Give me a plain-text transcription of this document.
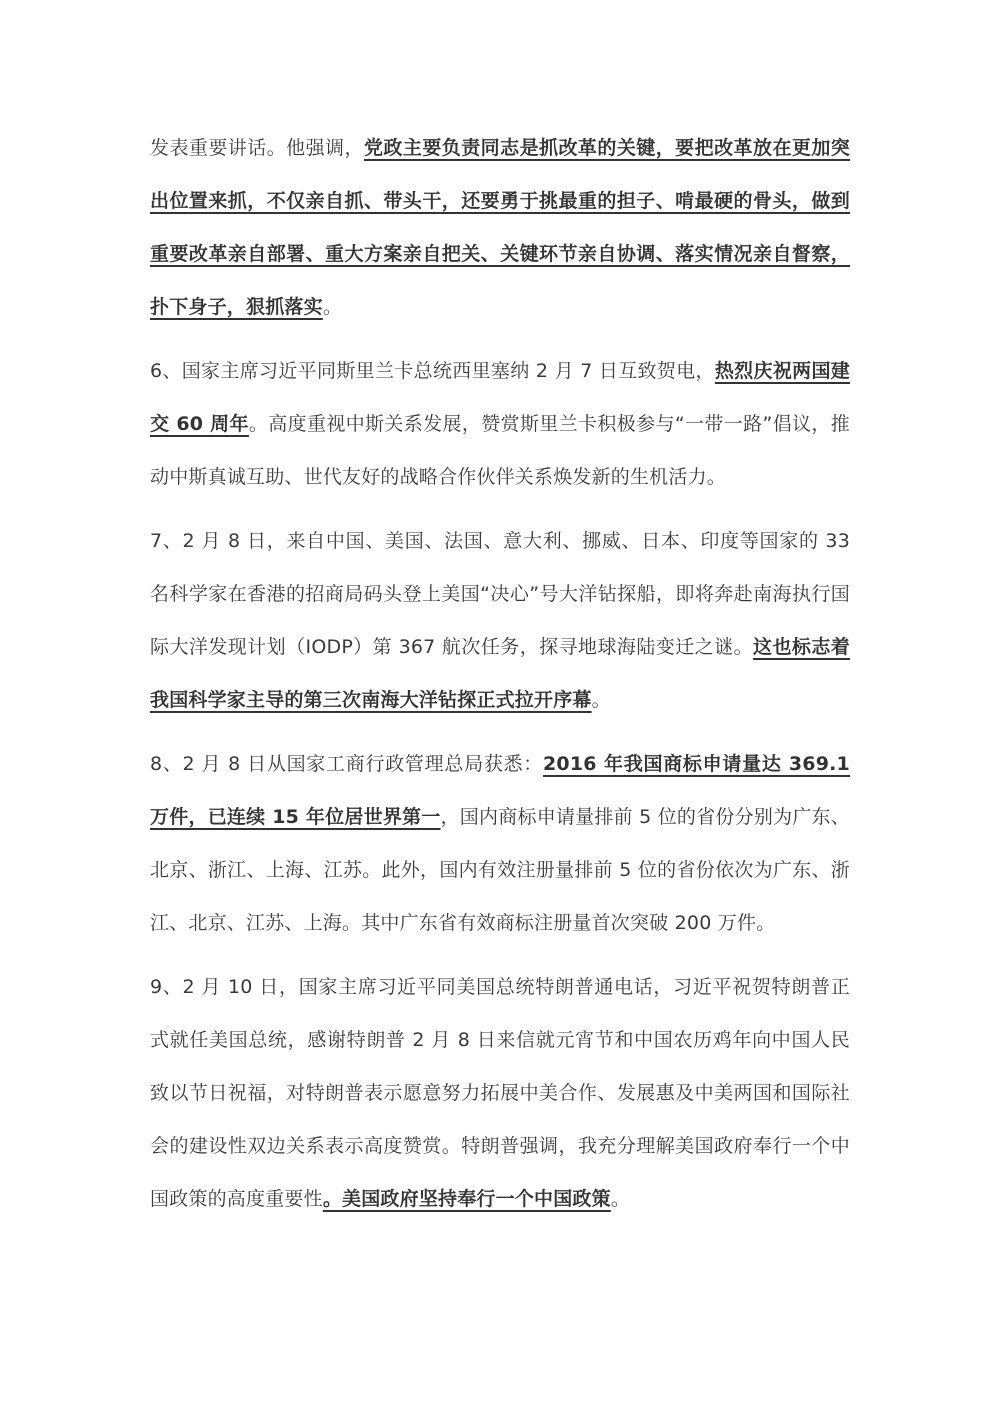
发表重要讲话。他强调，党政主要负责同志是抓改革的关键，要把改革放在更加突出位置来抓，不仅亲自抓、带头干，还要勇于挑最重的担子、啃最硬的骨头，做到重要改革亲自部署、重大方案亲自把关、关键环节亲自协调、落实情况亲自督察，扑下身子，狠抓落实。

6、国家主席习近平同斯里兰卡总统西里塞纳 2 月 7 日互致贺电，热烈庆祝两国建交 60 周年。高度重视中斯关系发展，赞赏斯里兰卡积极参与“一带一路”倡议，推动中斯真诚互助、世代友好的战略合作伙伴关系焕发新的生机活力。

7、2 月 8 日，来自中国、美国、法国、意大利、挪威、日本、印度等国家的 33 名科学家在香港的招商局码头登上美国“决心”号大洋钻探船，即将奔赴南海执行国际大洋发现计划（IODP）第 367 航次任务，探寻地球海陆变迁之谜。这也标志着我国科学家主导的第三次南海大洋钻探正式拉开序幕。

8、2 月 8 日从国家工商行政管理总局获悉：2016 年我国商标申请量达 369.1 万件，已连续 15 年位居世界第一，国内商标申请量排前 5 位的省份分别为广东、北京、浙江、上海、江苏。此外，国内有效注册量排前 5 位的省份依次为广东、浙江、北京、江苏、上海。其中广东省有效商标注册量首次突破 200 万件。

9、2 月 10 日，国家主席习近平同美国总统特朗普通电话，习近平祝贺特朗普正式就任美国总统，感谢特朗普 2 月 8 日来信就元宵节和中国农历鸡年向中国人民致以节日祝福，对特朗普表示愿意努力拓展中美合作、发展惠及中美两国和国际社会的建设性双边关系表示高度赞赏。特朗普强调，我充分理解美国政府奉行一个中国政策的高度重要性。美国政府坚持奉行一个中国政策。
